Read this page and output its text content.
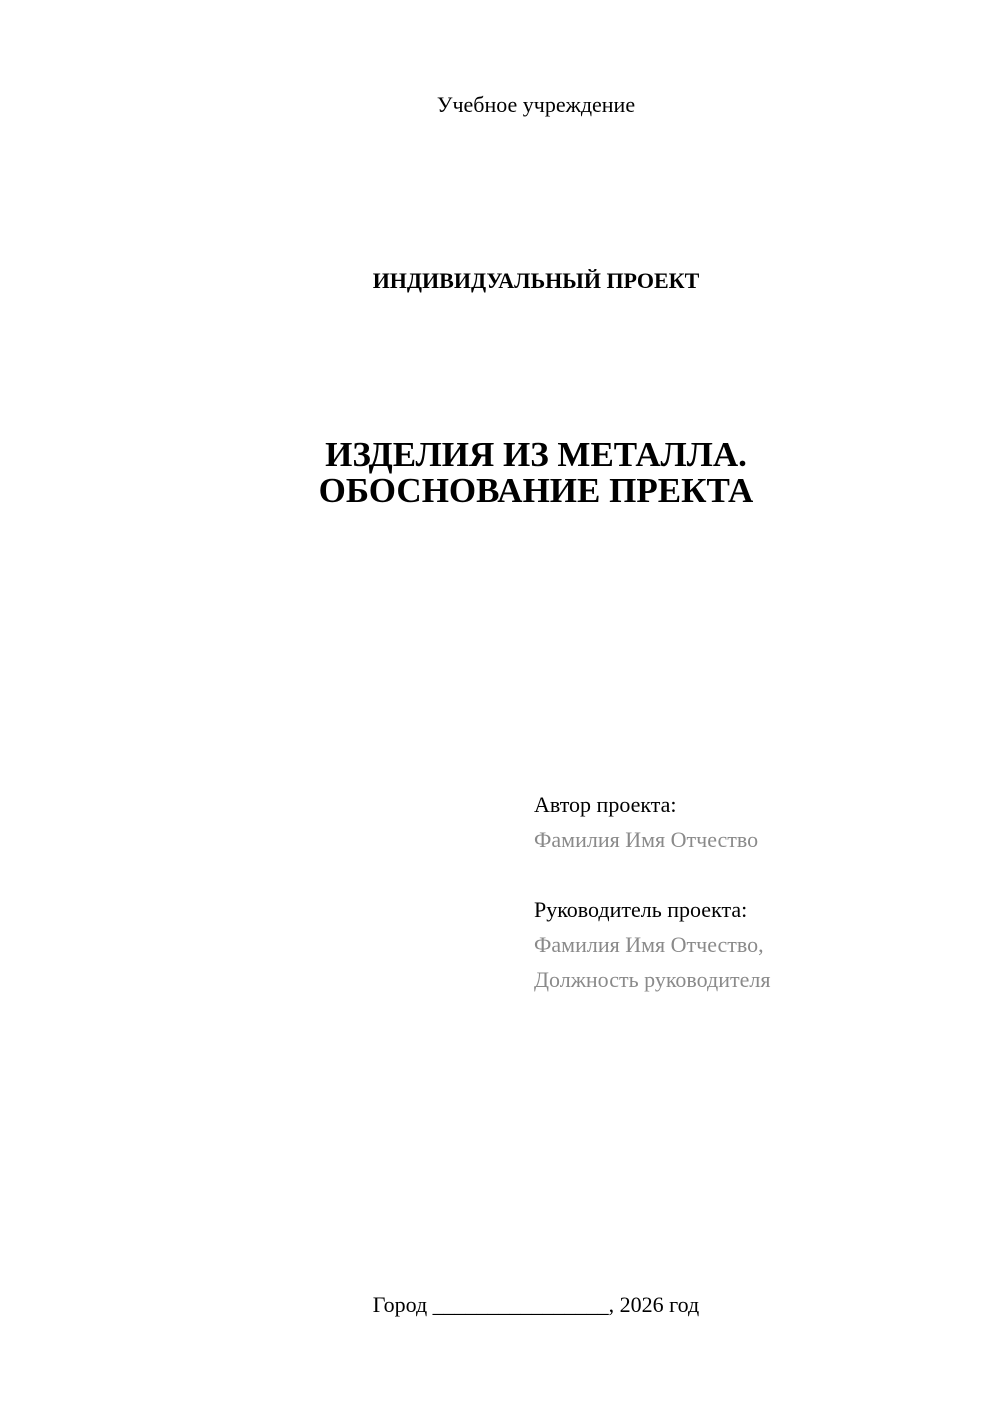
Учебное учреждение
ИНДИВИДУАЛЬНЫЙ ПРОЕКТ
ИЗДЕЛИЯ ИЗ МЕТАЛЛА.
ОБОСНОВАНИЕ ПРЕКТА
Автор проекта:
Фамилия Имя Отчество
Руководитель проекта:
Фамилия Имя Отчество,
Должность руководителя
Город ________________, 2026 год
